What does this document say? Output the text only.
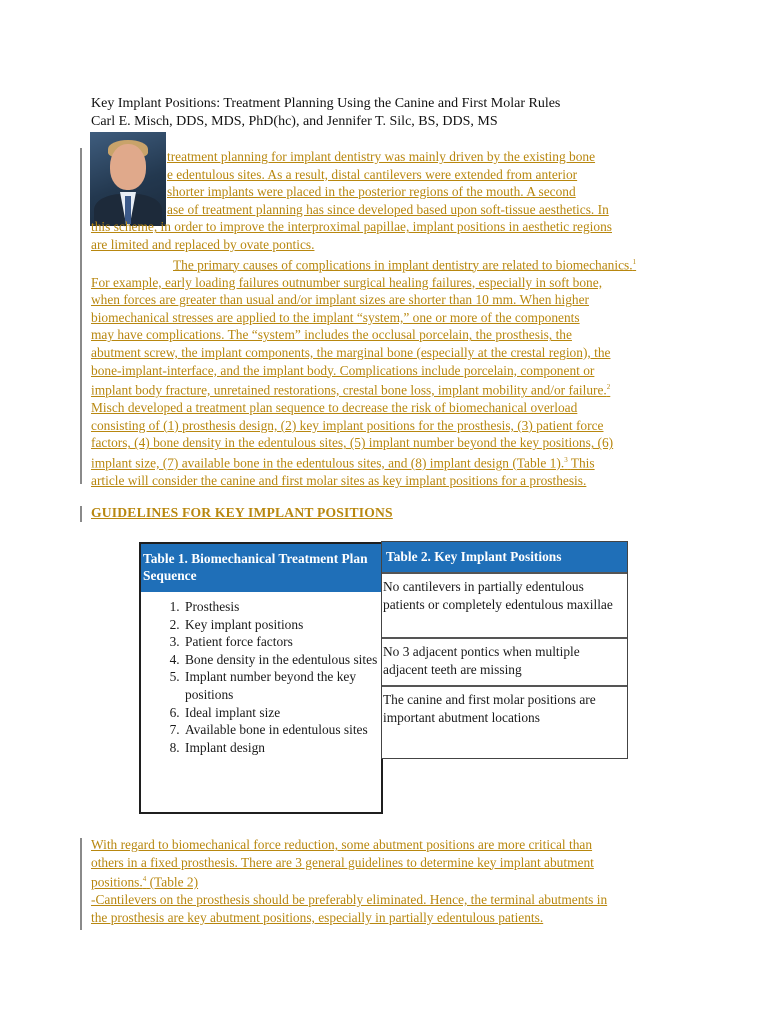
Key Implant Positions: Treatment Planning Using the Canine and First Molar Rules
Carl E. Misch, DDS, MDS, PhD(hc), and Jennifer T. Silc, BS, DDS, MS
treatment planning for implant dentistry was mainly driven by the existing bone
e edentulous sites. As a result, distal cantilevers were extended from anterior
shorter implants were placed in the posterior regions of the mouth. A second
ase of treatment planning has since developed based upon soft-tissue aesthetics. In
this scheme, in order to improve the interproximal papillae, implant positions in aesthetic regions
are limited and replaced by ovate pontics.
The primary causes of complications in implant dentistry are related to biomechanics.$^1$
For example, early loading failures outnumber surgical healing failures, especially in soft bone,
when forces are greater than usual and/or implant sizes are shorter than 10 mm. When higher
biomechanical stresses are applied to the implant “system,” one or more of the components
may have complications. The “system” includes the occlusal porcelain, the prosthesis, the
abutment screw, the implant components, the marginal bone (especially at the crestal region), the
bone-implant-interface, and the implant body. Complications include porcelain, component or
implant body fracture, unretained restorations, crestal bone loss, implant mobility and/or failure.$^2$
Misch developed a treatment plan sequence to decrease the risk of biomechanical overload
consisting of (1) prosthesis design, (2) key implant positions for the prosthesis, (3) patient force
factors, (4) bone density in the edentulous sites, (5) implant number beyond the key positions, (6)
implant size, (7) available bone in the edentulous sites, and (8) implant design (Table 1).$^3$ This
article will consider the canine and first molar sites as key implant positions for a prosthesis.
GUIDELINES FOR KEY IMPLANT POSITIONS
Table 1. Biomechanical Treatment Plan Sequence
1. Prosthesis
2. Key implant positions
3. Patient force factors
4. Bone density in the edentulous sites
5. Implant number beyond the key positions
6. Ideal implant size
7. Available bone in edentulous sites
8. Implant design
Table 2. Key Implant Positions
No cantilevers in partially edentulous patients or completely edentulous maxillae
No 3 adjacent pontics when multiple adjacent teeth are missing
The canine and first molar positions are important abutment locations
With regard to biomechanical force reduction, some abutment positions are more critical than
others in a fixed prosthesis. There are 3 general guidelines to determine key implant abutment
positions.$^4$ (Table 2)
-Cantilevers on the prosthesis should be preferably eliminated. Hence, the terminal abutments in
the prosthesis are key abutment positions, especially in partially edentulous patients.
